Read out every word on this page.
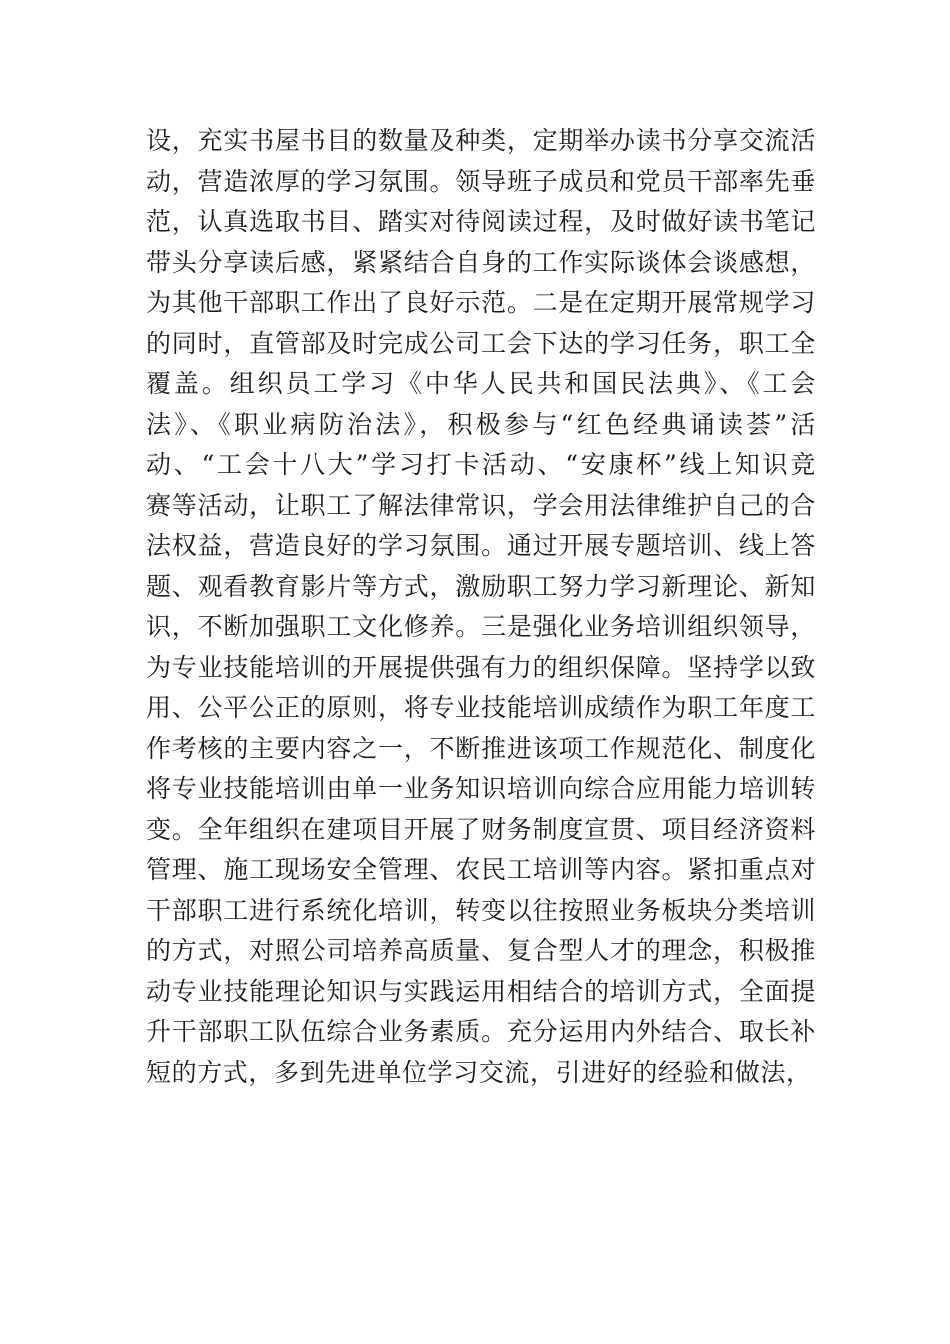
设，充实书屋书目的数量及种类，定期举办读书分享交流活
动，营造浓厚的学习氛围。领导班子成员和党员干部率先垂
范，认真选取书目、踏实对待阅读过程，及时做好读书笔记
带头分享读后感，紧紧结合自身的工作实际谈体会谈感想，
为其他干部职工作出了良好示范。二是在定期开展常规学习
的同时，直管部及时完成公司工会下达的学习任务，职工全
覆盖。组织员工学习《中华人民共和国民法典》、《工会
法》、《职业病防治法》，积极参与“红色经典诵读荟”活
动、“工会十八大”学习打卡活动、“安康杯”线上知识竞
赛等活动，让职工了解法律常识，学会用法律维护自己的合
法权益，营造良好的学习氛围。通过开展专题培训、线上答
题、观看教育影片等方式，激励职工努力学习新理论、新知
识，不断加强职工文化修养。三是强化业务培训组织领导，
为专业技能培训的开展提供强有力的组织保障。坚持学以致
用、公平公正的原则，将专业技能培训成绩作为职工年度工
作考核的主要内容之一，不断推进该项工作规范化、制度化
将专业技能培训由单一业务知识培训向综合应用能力培训转
变。全年组织在建项目开展了财务制度宣贯、项目经济资料
管理、施工现场安全管理、农民工培训等内容。紧扣重点对
干部职工进行系统化培训，转变以往按照业务板块分类培训
的方式，对照公司培养高质量、复合型人才的理念，积极推
动专业技能理论知识与实践运用相结合的培训方式，全面提
升干部职工队伍综合业务素质。充分运用内外结合、取长补
短的方式，多到先进单位学习交流，引进好的经验和做法，
